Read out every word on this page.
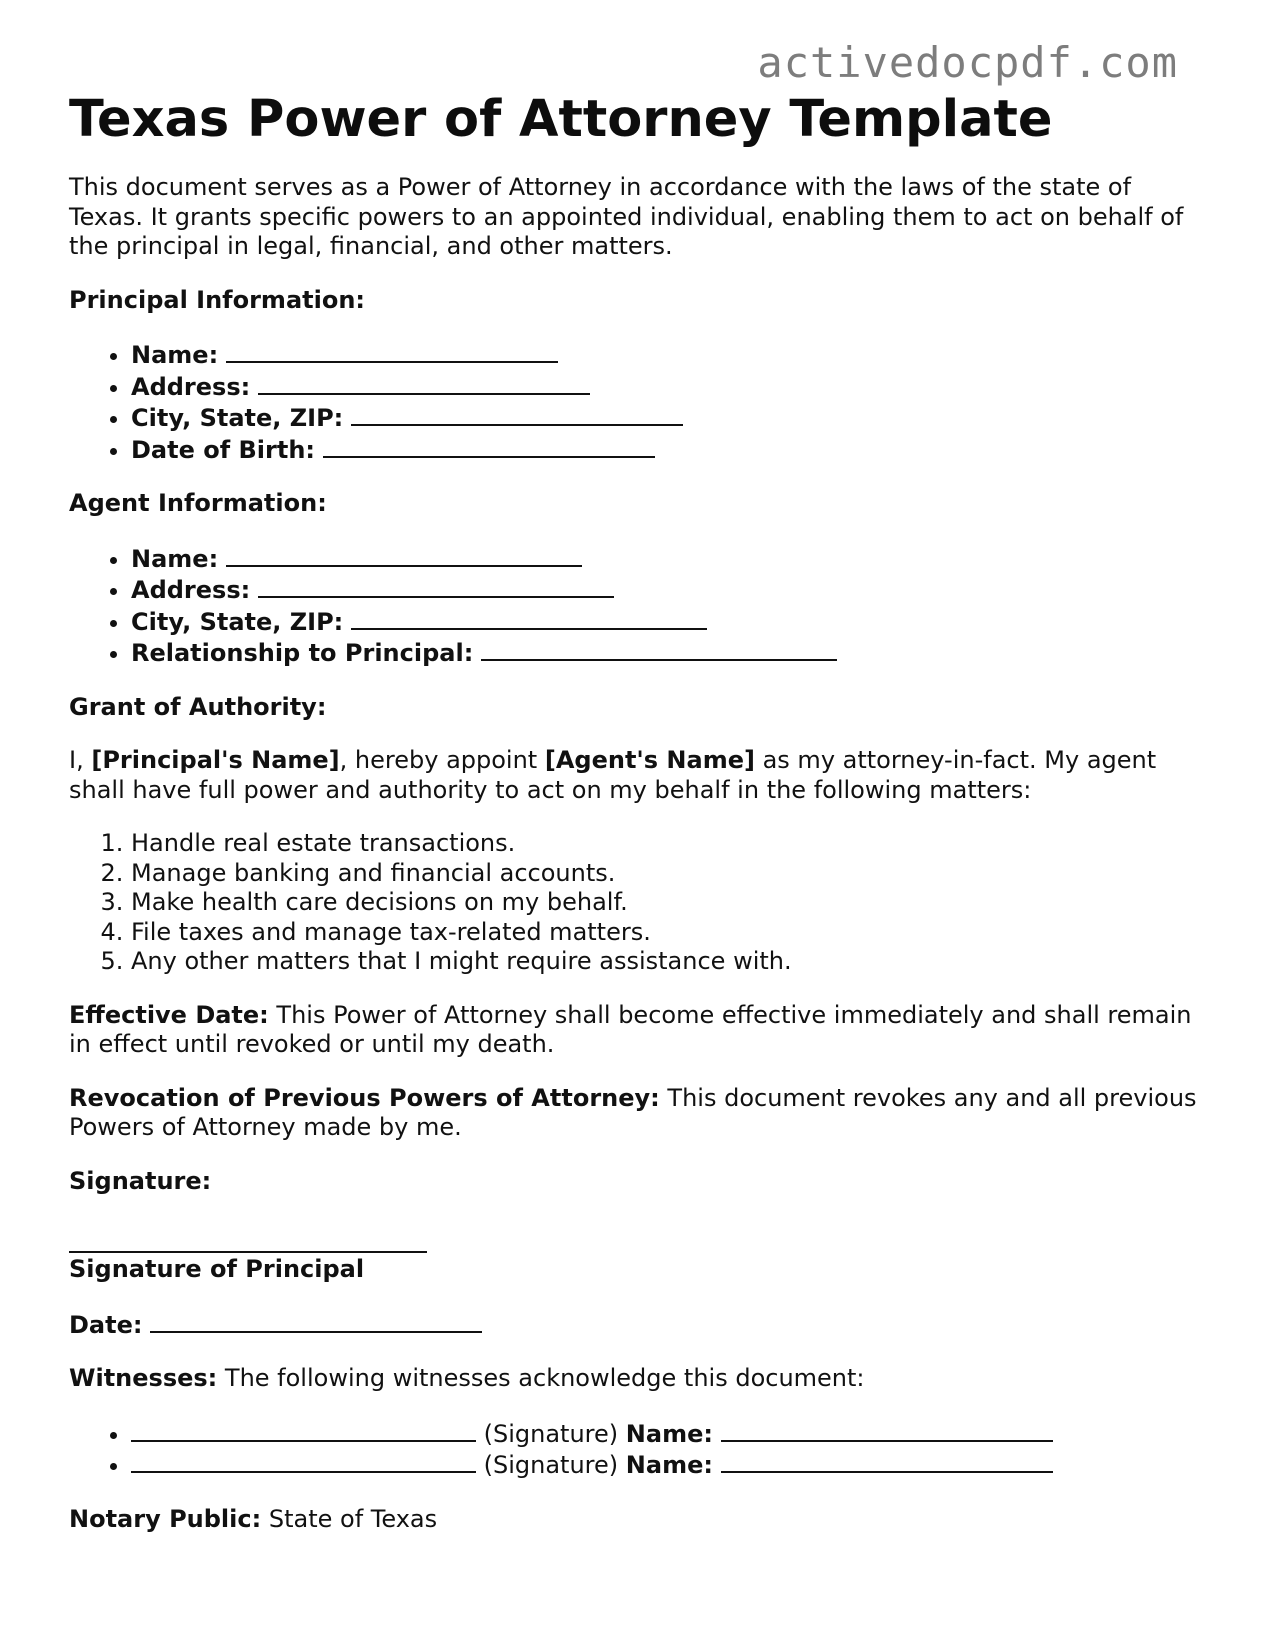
activedocpdf.com
Texas Power of Attorney Template

This document serves as a Power of Attorney in accordance with the laws of the state of Texas. It grants specific powers to an appointed individual, enabling them to act on behalf of the principal in legal, financial, and other matters.

Principal Information:

• Name:
• Address:
• City, State, ZIP:
• Date of Birth:

Agent Information:

• Name:
• Address:
• City, State, ZIP:
• Relationship to Principal:

Grant of Authority:

I, [Principal's Name], hereby appoint [Agent's Name] as my attorney-in-fact. My agent shall have full power and authority to act on my behalf in the following matters:

1. Handle real estate transactions.
2. Manage banking and financial accounts.
3. Make health care decisions on my behalf.
4. File taxes and manage tax-related matters.
5. Any other matters that I might require assistance with.

Effective Date: This Power of Attorney shall become effective immediately and shall remain in effect until revoked or until my death.

Revocation of Previous Powers of Attorney: This document revokes any and all previous Powers of Attorney made by me.

Signature:

Signature of Principal

Date:

Witnesses: The following witnesses acknowledge this document:

• (Signature) Name:
• (Signature) Name:

Notary Public: State of Texas
